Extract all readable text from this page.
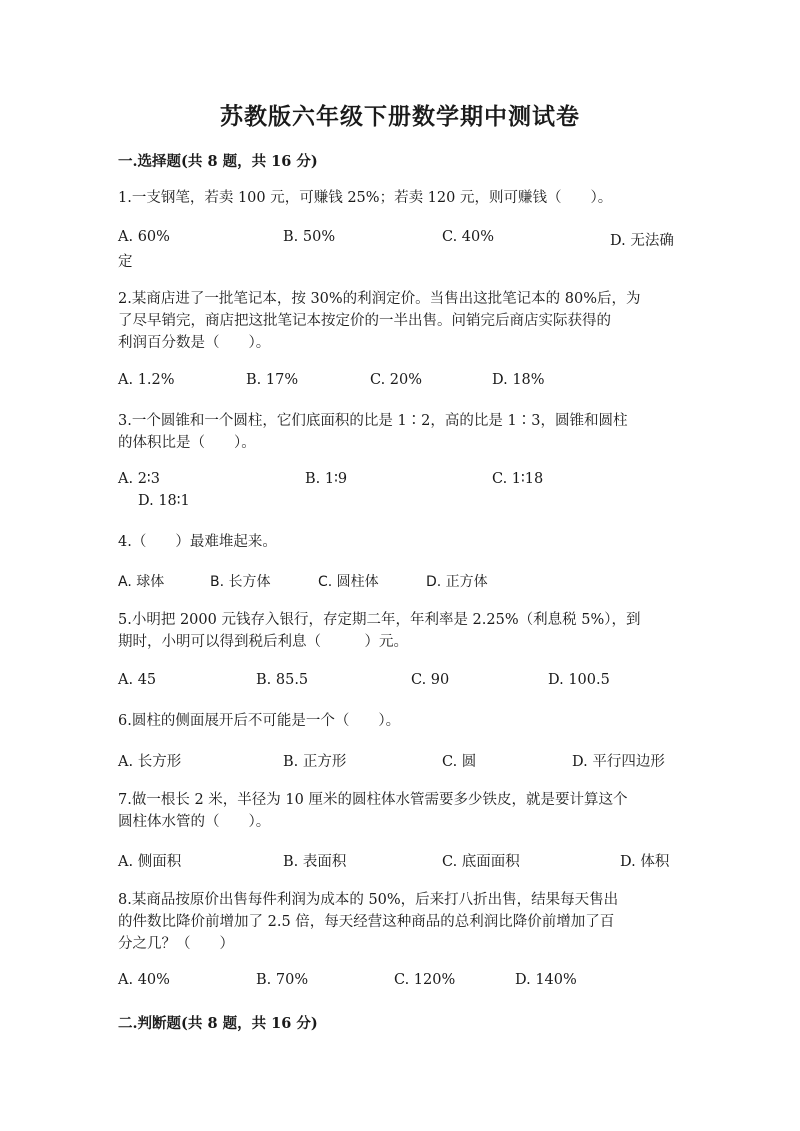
苏教版六年级下册数学期中测试卷
一.选择题(共 8 题，共 16 分)
1.一支钢笔，若卖 100 元，可赚钱 25%；若卖 120 元，则可赚钱（　　）。
A. 60%	B. 50%	C. 40%	D. 无法确
定
2.某商店进了一批笔记本，按 30%的利润定价。当售出这批笔记本的 80%后，为
了尽早销完，商店把这批笔记本按定价的一半出售。问销完后商店实际获得的
利润百分数是（　　）。
A. 1.2%	B. 17%	C. 20%	D. 18%
3.一个圆锥和一个圆柱，它们底面积的比是 1∶2，高的比是 1∶3，圆锥和圆柱
的体积比是（　　）。
A. 2∶3	B. 1∶9	C. 1∶18
D. 18∶1
4.（　　）最难堆起来。
A. 球体	B. 长方体	C. 圆柱体	D. 正方体
5.小明把 2000 元钱存入银行，存定期二年，年利率是 2.25%（利息税 5%），到
期时，小明可以得到税后利息（　　　）元。
A. 45	B. 85.5	C. 90	D. 100.5
6.圆柱的侧面展开后不可能是一个（　　）。
A. 长方形	B. 正方形	C. 圆	D. 平行四边形
7.做一根长 2 米，半径为 10 厘米的圆柱体水管需要多少铁皮，就是要计算这个
圆柱体水管的（　　）。
A. 侧面积	B. 表面积	C. 底面面积	D. 体积
8.某商品按原价出售每件利润为成本的 50%，后来打八折出售，结果每天售出
的件数比降价前增加了 2.5 倍，每天经营这种商品的总利润比降价前增加了百
分之几？（　　）
A. 40%	B. 70%	C. 120%	D. 140%
二.判断题(共 8 题，共 16 分)
